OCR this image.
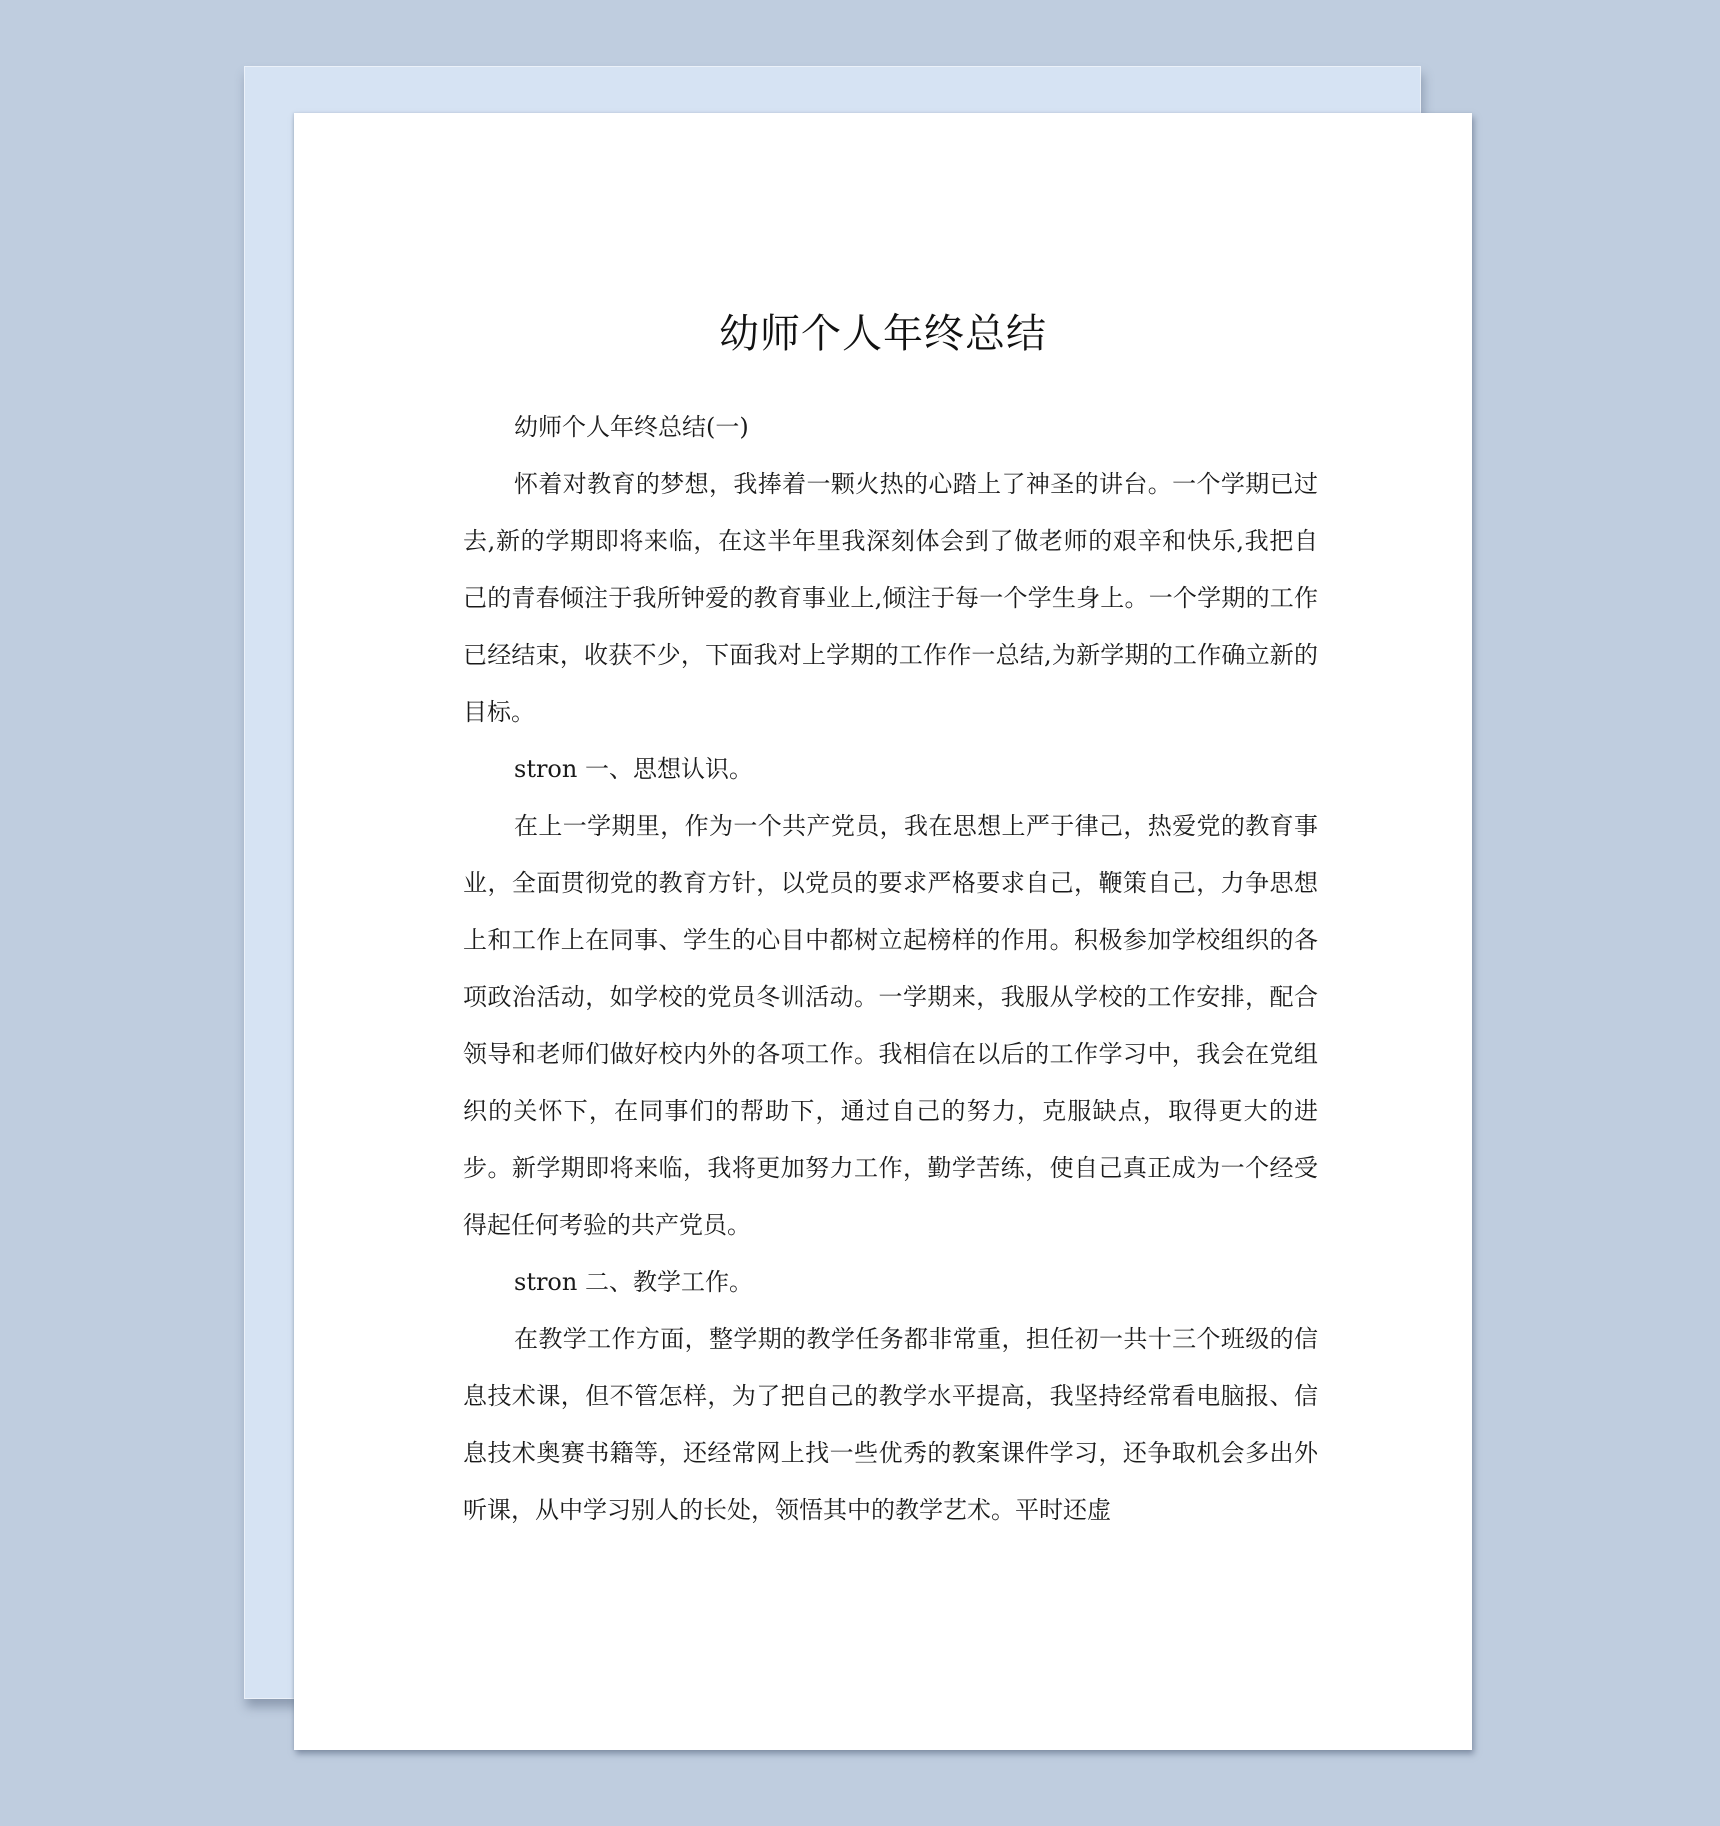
幼师个人年终总结

幼师个人年终总结(一)

怀着对教育的梦想，我捧着一颗火热的心踏上了神圣的讲台。一个学期已过去,新的学期即将来临，在这半年里我深刻体会到了做老师的艰辛和快乐,我把自己的青春倾注于我所钟爱的教育事业上,倾注于每一个学生身上。一个学期的工作已经结束，收获不少，下面我对上学期的工作作一总结,为新学期的工作确立新的目标。

stron 一、思想认识。

在上一学期里，作为一个共产党员，我在思想上严于律己，热爱党的教育事业，全面贯彻党的教育方针，以党员的要求严格要求自己，鞭策自己，力争思想上和工作上在同事、学生的心目中都树立起榜样的作用。积极参加学校组织的各项政治活动，如学校的党员冬训活动。一学期来，我服从学校的工作安排，配合领导和老师们做好校内外的各项工作。我相信在以后的工作学习中，我会在党组织的关怀下，在同事们的帮助下，通过自己的努力，克服缺点，取得更大的进步。新学期即将来临，我将更加努力工作，勤学苦练，使自己真正成为一个经受得起任何考验的共产党员。

stron 二、教学工作。

在教学工作方面，整学期的教学任务都非常重，担任初一共十三个班级的信息技术课，但不管怎样，为了把自己的教学水平提高，我坚持经常看电脑报、信息技术奥赛书籍等，还经常网上找一些优秀的教案课件学习，还争取机会多出外听课，从中学习别人的长处，领悟其中的教学艺术。平时还虚
